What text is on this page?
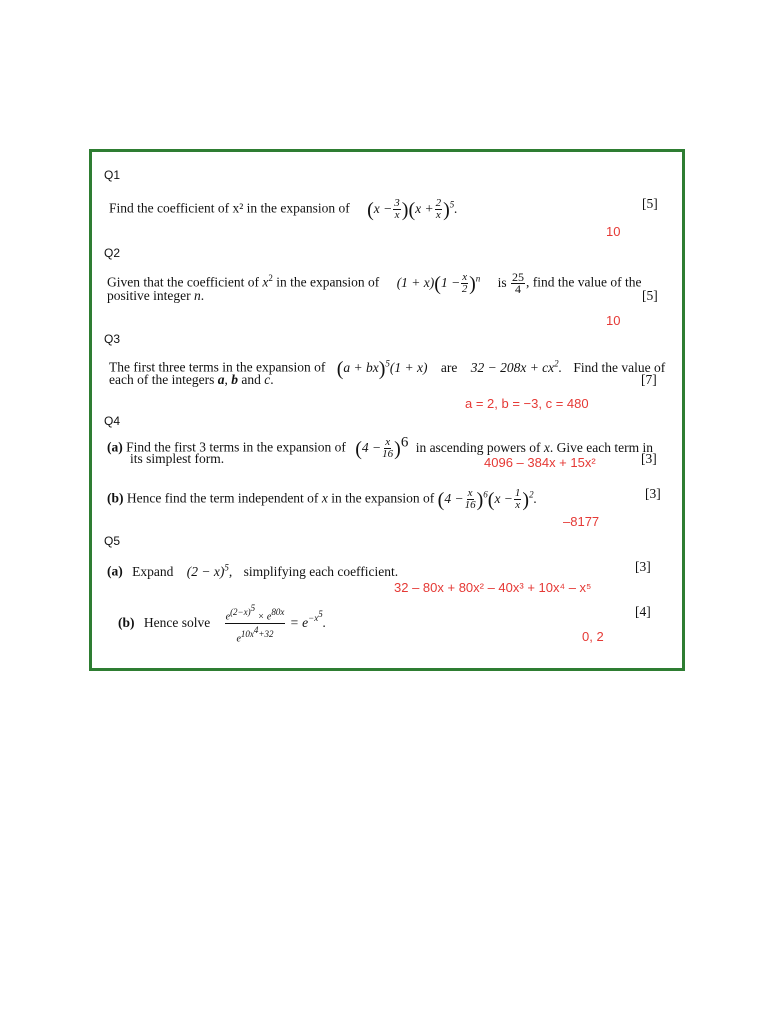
Q1
Find the coefficient of x² in the expansion of $(x - \frac{3}{x} )(x + \frac{2}{x} )^5$.	[5]
10
Q2
Given that the coefficient of $x^2$ in the expansion of $(1 + x)(1 - \frac{x}{2} )^n$ is $\frac{25}{4}$ , find the value of the
positive integer n.	[5]
10
Q3
The first three terms in the expansion of (a + bx)$^5$(1 + x) are $32 - 208x + cx^2$. Find the value of
each of the integers a, b and c.	[7]
a = 2, b = −3, c = 480
Q4
(a) Find the first 3 terms in the expansion of $(4 - \frac{x}{16} )6$ in ascending powers of x. Give each term in
its simplest form.	[3]
4096 – 384x + 15x²
(b) Hence find the term independent of x in the expansion of $(4 - \frac{x}{16} )^6(x - \frac{1}{x} )^2$.	[3]
–8177
Q5
(a) Expand $(2 - x)^5$, simplifying each coefficient.	[3]
32 – 80x + 80x² – 40x³ + 10x⁴ – x⁵
(b) Hence solve $\frac{e^{(2-x)^5} \times e^{80x}}{e^{10x^4+32}} = e^{-x^5}$.
[4]
0, 2
